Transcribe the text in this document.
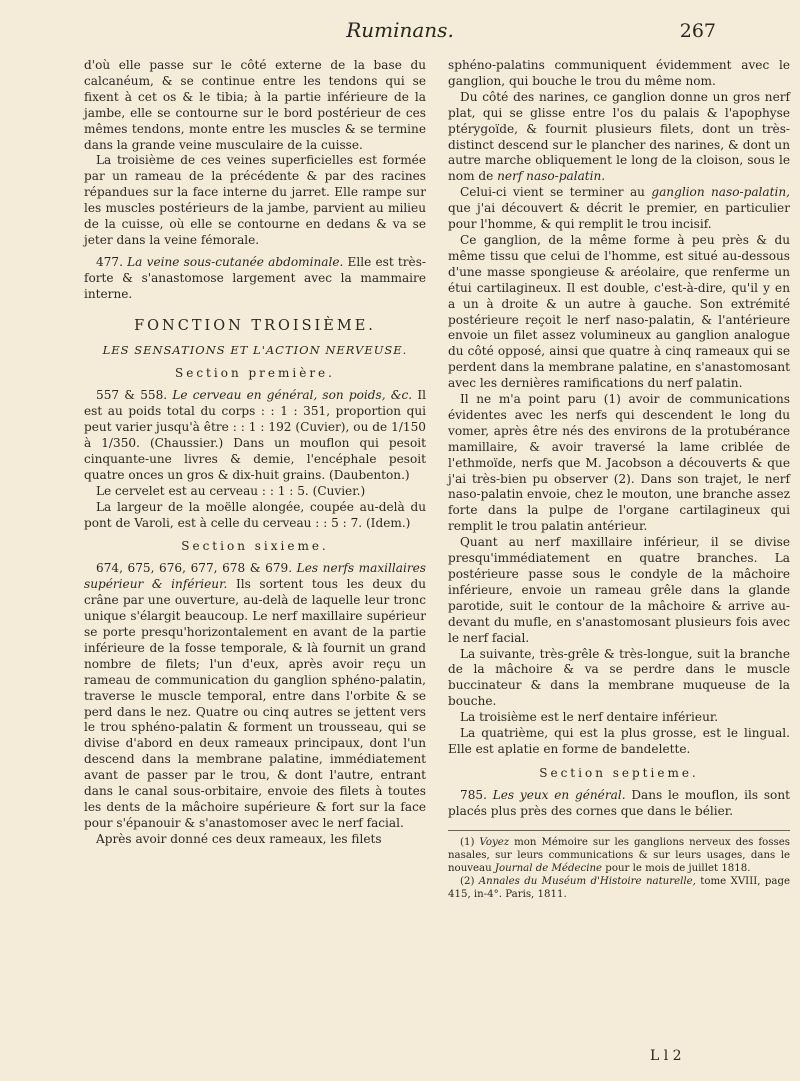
Ruminans.	267

d'où elle passe sur le côté externe de la base du calcanéum, & se continue entre les tendons qui se fixent à cet os & le tibia; à la partie inférieure de la jambe, elle se contourne sur le bord postérieur de ces mêmes tendons, monte entre les muscles & se termine dans la grande veine musculaire de la cuisse.

La troisième de ces veines superficielles est formée par un rameau de la précédente & par des racines répandues sur la face interne du jarret. Elle rampe sur les muscles postérieurs de la jambe, parvient au milieu de la cuisse, où elle se contourne en dedans & va se jeter dans la veine fémorale.

477. La veine sous-cutanée abdominale. Elle est très-forte & s'anastomose largement avec la mammaire interne.

FONCTION TROISIÈME.
LES SENSATIONS ET L'ACTION NERVEUSE.
Section première.

557 & 558. Le cerveau en général, son poids, &c. Il est au poids total du corps : : 1 : 351, proportion qui peut varier jusqu'à être : : 1 : 192 (Cuvier), ou de 1/150 à 1/350. (Chaussier.) Dans un mouflon qui pesoit cinquante-une livres & demie, l'encéphale pesoit quatre onces un gros & dix-huit grains. (Daubenton.)

Le cervelet est au cerveau : : 1 : 5. (Cuvier.)

La largeur de la moëlle alongée, coupée au-delà du pont de Varoli, est à celle du cerveau : : 5 : 7. (Idem.)

Section sixieme.

674, 675, 676, 677, 678 & 679. Les nerfs maxillaires supérieur & inférieur. Ils sortent tous les deux du crâne par une ouverture, au-delà de laquelle leur tronc unique s'élargit beaucoup. Le nerf maxillaire supérieur se porte presqu'horizontalement en avant de la partie inférieure de la fosse temporale, & là fournit un grand nombre de filets; l'un d'eux, après avoir reçu un rameau de communication du ganglion sphéno-palatin, traverse le muscle temporal, entre dans l'orbite & se perd dans le nez. Quatre ou cinq autres se jettent vers le trou sphéno-palatin & forment un trousseau, qui se divise d'abord en deux rameaux principaux, dont l'un descend dans la membrane palatine, immédiatement avant de passer par le trou, & dont l'autre, entrant dans le canal sous-orbitaire, envoie des filets à toutes les dents de la mâchoire supérieure & fort sur la face pour s'épanouir & s'anastomoser avec le nerf facial.

Après avoir donné ces deux rameaux, les filets

sphéno-palatins communiquent évidemment avec le ganglion, qui bouche le trou du même nom.

Du côté des narines, ce ganglion donne un gros nerf plat, qui se glisse entre l'os du palais & l'apophyse ptérygoïde, & fournit plusieurs filets, dont un très-distinct descend sur le plancher des narines, & dont un autre marche obliquement le long de la cloison, sous le nom de nerf naso-palatin.

Celui-ci vient se terminer au ganglion naso-palatin, que j'ai découvert & décrit le premier, en particulier pour l'homme, & qui remplit le trou incisif.

Ce ganglion, de la même forme à peu près & du même tissu que celui de l'homme, est situé au-dessous d'une masse spongieuse & aréolaire, que renferme un étui cartilagineux. Il est double, c'est-à-dire, qu'il y en a un à droite & un autre à gauche. Son extrémité postérieure reçoit le nerf naso-palatin, & l'antérieure envoie un filet assez volumineux au ganglion analogue du côté opposé, ainsi que quatre à cinq rameaux qui se perdent dans la membrane palatine, en s'anastomosant avec les dernières ramifications du nerf palatin.

Il ne m'a point paru (1) avoir de communications évidentes avec les nerfs qui descendent le long du vomer, après être nés des environs de la protubérance mamillaire, & avoir traversé la lame criblée de l'ethmoïde, nerfs que M. Jacobson a découverts & que j'ai très-bien pu observer (2). Dans son trajet, le nerf naso-palatin envoie, chez le mouton, une branche assez forte dans la pulpe de l'organe cartilagineux qui remplit le trou palatin antérieur.

Quant au nerf maxillaire inférieur, il se divise presqu'immédiatement en quatre branches. La postérieure passe sous le condyle de la mâchoire inférieure, envoie un rameau grêle dans la glande parotide, suit le contour de la mâchoire & arrive au-devant du mufle, en s'anastomosant plusieurs fois avec le nerf facial.

La suivante, très-grêle & très-longue, suit la branche de la mâchoire & va se perdre dans le muscle buccinateur & dans la membrane muqueuse de la bouche.

La troisième est le nerf dentaire inférieur.

La quatrième, qui est la plus grosse, est le lingual. Elle est aplatie en forme de bandelette.

Section septieme.

785. Les yeux en général. Dans le mouflon, ils sont placés plus près des cornes que dans le bélier.

(1) Voyez mon Mémoire sur les ganglions nerveux des fosses nasales, sur leurs communications & sur leurs usages, dans le nouveau Journal de Médecine pour le mois de juillet 1818.

(2) Annales du Muséum d'Histoire naturelle, tome XVIII, page 415, in-4°. Paris, 1811.

L l 2
